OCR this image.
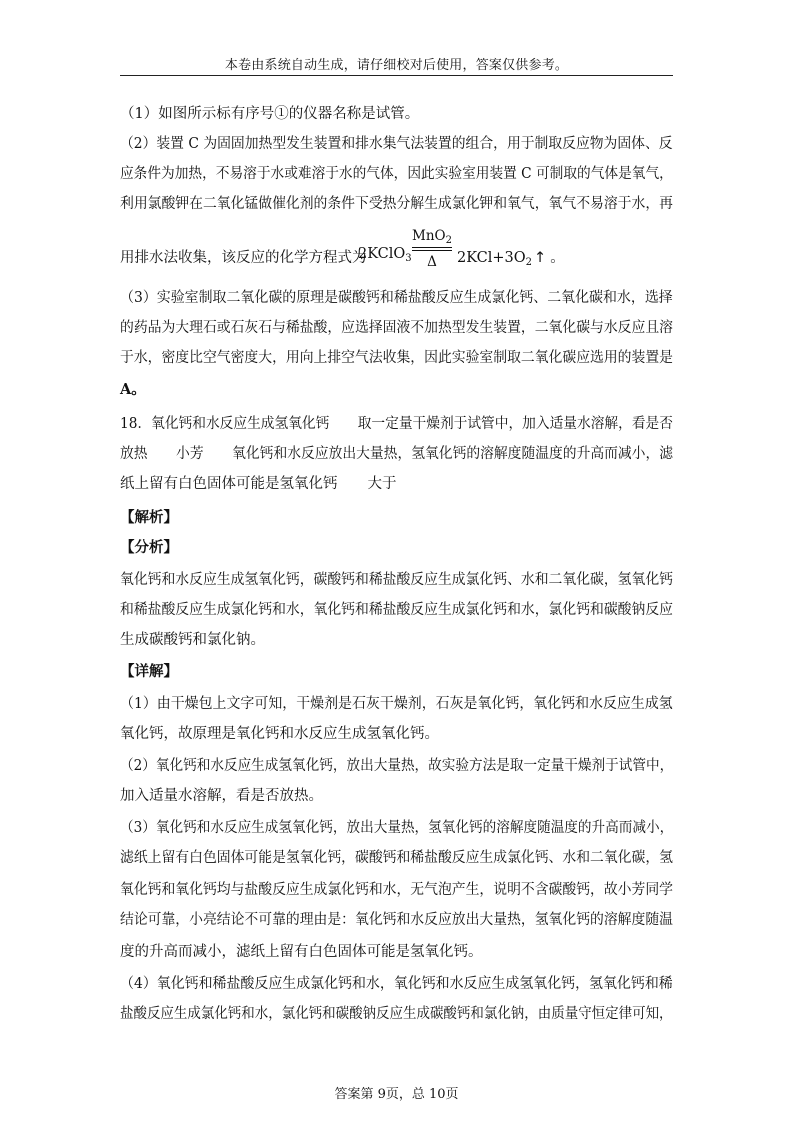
本卷由系统自动生成，请仔细校对后使用，答案仅供参考。
（1）如图所示标有序号①的仪器名称是试管。
（2）装置 C 为固固加热型发生装置和排水集气法装置的组合，用于制取反应物为固体、反
应条件为加热，不易溶于水或难溶于水的气体，因此实验室用装置 C 可制取的气体是氧气，
利用氯酸钾在二氧化锰做催化剂的条件下受热分解生成氯化钾和氧气，氧气不易溶于水，再
用排水法收集，该反应的化学方程式为
2KClO$_3$
MnO$_2$
Δ	$2KCl+3O_2$ ↑ 。
（3）实验室制取二氧化碳的原理是碳酸钙和稀盐酸反应生成氯化钙、二氧化碳和水，选择
的药品为大理石或石灰石与稀盐酸，应选择固液不加热型发生装置，二氧化碳与水反应且溶
于水，密度比空气密度大，用向上排空气法收集，因此实验室制取二氧化碳应选用的装置是
A。
18．氧化钙和水反应生成氢氧化钙 取一定量干燥剂于试管中，加入适量水溶解，看是否
放热 小芳 氧化钙和水反应放出大量热，氢氧化钙的溶解度随温度的升高而减小，滤
纸上留有白色固体可能是氢氧化钙 大于
【解析】
【分析】
氧化钙和水反应生成氢氧化钙，碳酸钙和稀盐酸反应生成氯化钙、水和二氧化碳，氢氧化钙
和稀盐酸反应生成氯化钙和水，氧化钙和稀盐酸反应生成氯化钙和水，氯化钙和碳酸钠反应
生成碳酸钙和氯化钠。
【详解】
（1）由干燥包上文字可知，干燥剂是石灰干燥剂，石灰是氧化钙，氧化钙和水反应生成氢
氧化钙，故原理是氧化钙和水反应生成氢氧化钙。
（2）氧化钙和水反应生成氢氧化钙，放出大量热，故实验方法是取一定量干燥剂于试管中，
加入适量水溶解，看是否放热。
（3）氧化钙和水反应生成氢氧化钙，放出大量热，氢氧化钙的溶解度随温度的升高而减小，
滤纸上留有白色固体可能是氢氧化钙，碳酸钙和稀盐酸反应生成氯化钙、水和二氧化碳，氢
氧化钙和氧化钙均与盐酸反应生成氯化钙和水，无气泡产生，说明不含碳酸钙，故小芳同学
结论可靠，小亮结论不可靠的理由是：氧化钙和水反应放出大量热，氢氧化钙的溶解度随温
度的升高而减小，滤纸上留有白色固体可能是氢氧化钙。
（4）氧化钙和稀盐酸反应生成氯化钙和水，氧化钙和水反应生成氢氧化钙，氢氧化钙和稀
盐酸反应生成氯化钙和水，氯化钙和碳酸钠反应生成碳酸钙和氯化钠，由质量守恒定律可知，
答案第 9页，总 10页
